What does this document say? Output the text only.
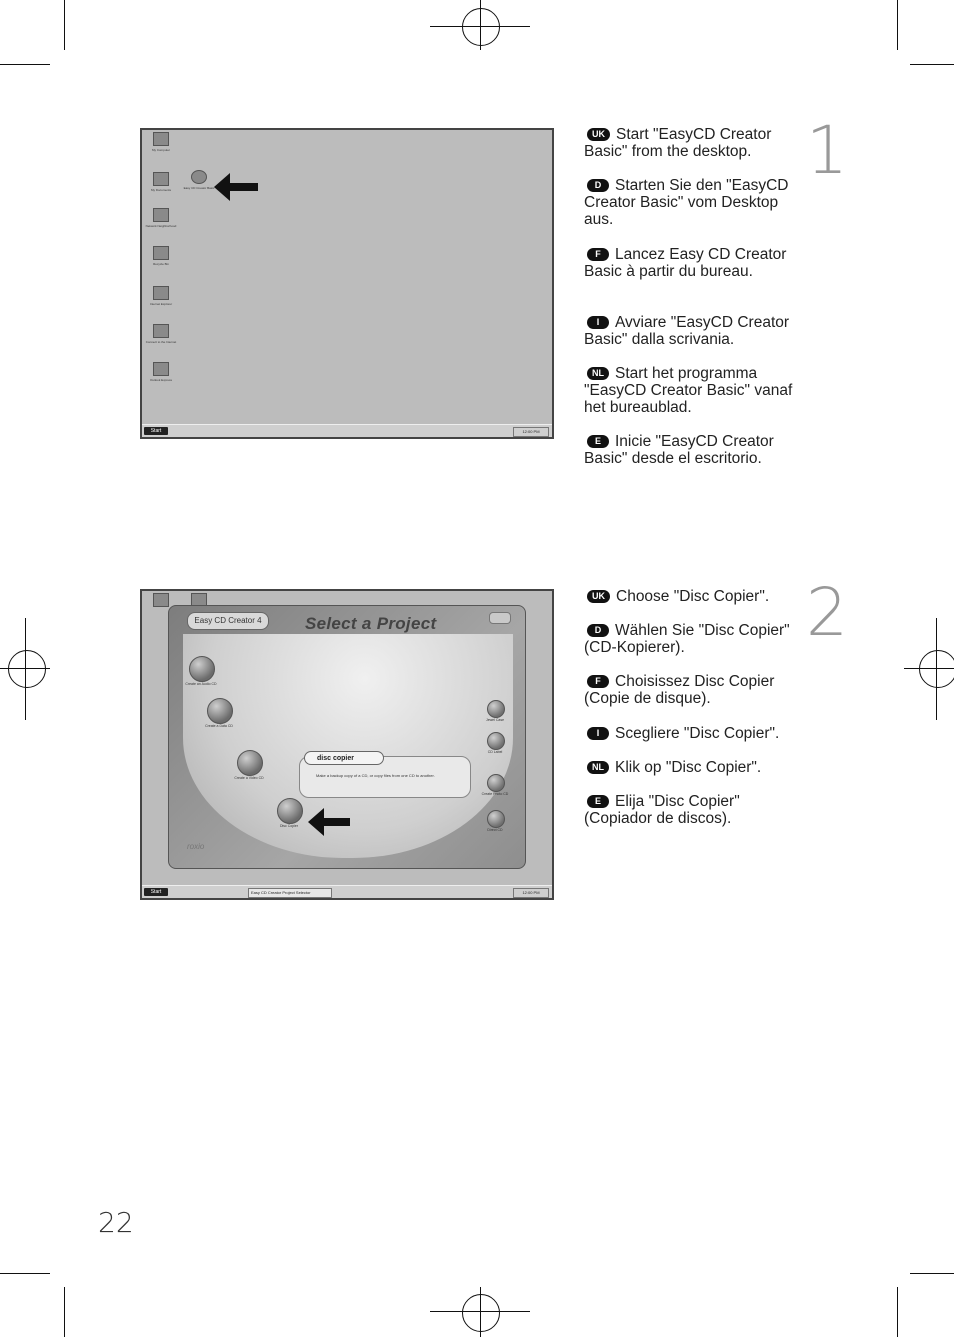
My Computer
My Documents
Network Neighborhood
Recycle Bin
Internet Explorer
Connect to the Internet
Outlook Express
Easy CD Creator Basic
Start	12:00 PM
UK Start "EasyCD Creator Basic" from the desktop.
D Starten Sie den "EasyCD Creator Basic" vom Desktop aus.
F Lancez Easy CD Creator Basic à partir du bureau.
I Avviare "EasyCD Creator Basic" dalla scrivania.
NL Start het programma "EasyCD Creator Basic" vanaf het bureaublad.
E Inicie "EasyCD Creator Basic" desde el escritorio.
1
Easy CD Creator 4	Select a Project
Create an Audio CD
Create a Data CD
Create a Video CD
Disc Copier
Jewel Case
CD Label
Create Photo CD
Direct CD
disc copier
Make a backup copy of a CD, or copy files from one CD to another.
roxio
Start	Easy CD Creator Project Selector	12:00 PM
UK Choose "Disc Copier".
D Wählen Sie "Disc Copier" (CD-Kopierer).
F Choisissez Disc Copier (Copie de disque).
I Scegliere "Disc Copier".
NL Klik op "Disc Copier".
E Elija "Disc Copier" (Copiador de discos).
2
22
